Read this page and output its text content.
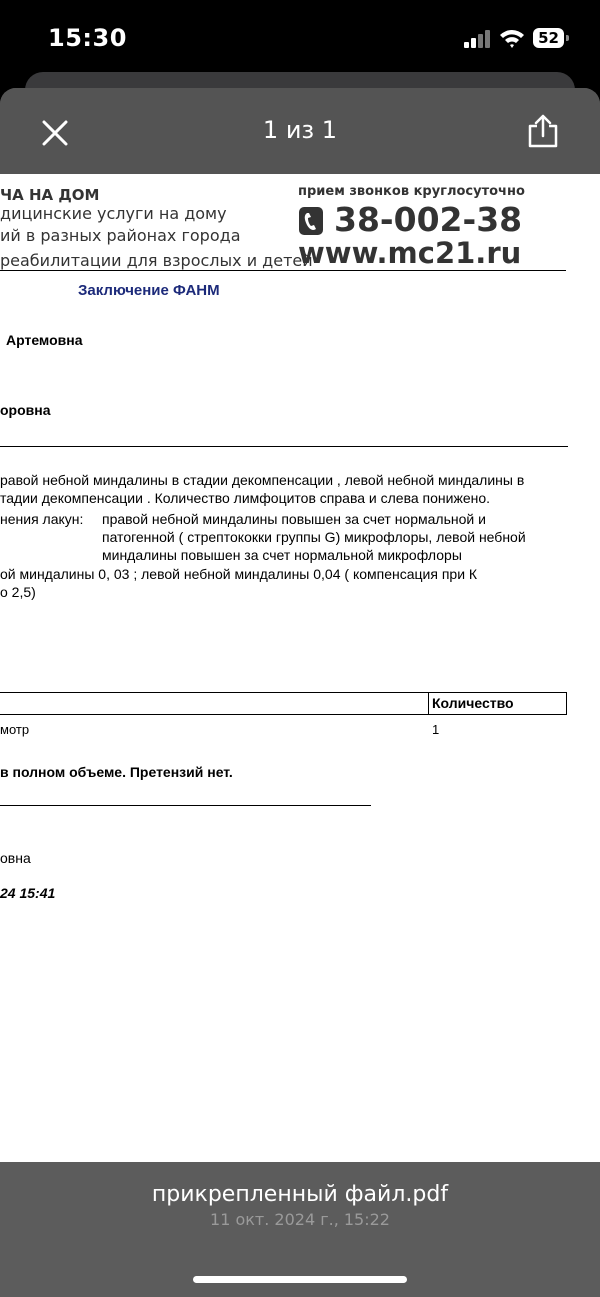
15:30	52
1 из 1
ЧА НА ДОМ
дицинские услуги на дому
ий в разных районах города
реабилитации для взрослых и детей
прием звонков круглосуточно
38-002-38
www.mc21.ru
Заключение ФАНМ
Артемовна
оровна
равой небной миндалины в стадии декомпенсации , левой небной миндалины в
тадии декомпенсации . Количество лимфоцитов справа и слева понижено.
нения лакун: правой небной миндалины повышен за счет нормальной и
патогенной ( стрептококки группы G) микрофлоры, левой небной
миндалины повышен за счет нормальной микрофлоры
ой миндалины 0, 03 ; левой небной миндалины 0,04 ( компенсация при К
о 2,5)
Количество
мотр	1
в полном объеме. Претензий нет.
овна
24 15:41
прикрепленный файл.pdf
11 окт. 2024 г., 15:22
